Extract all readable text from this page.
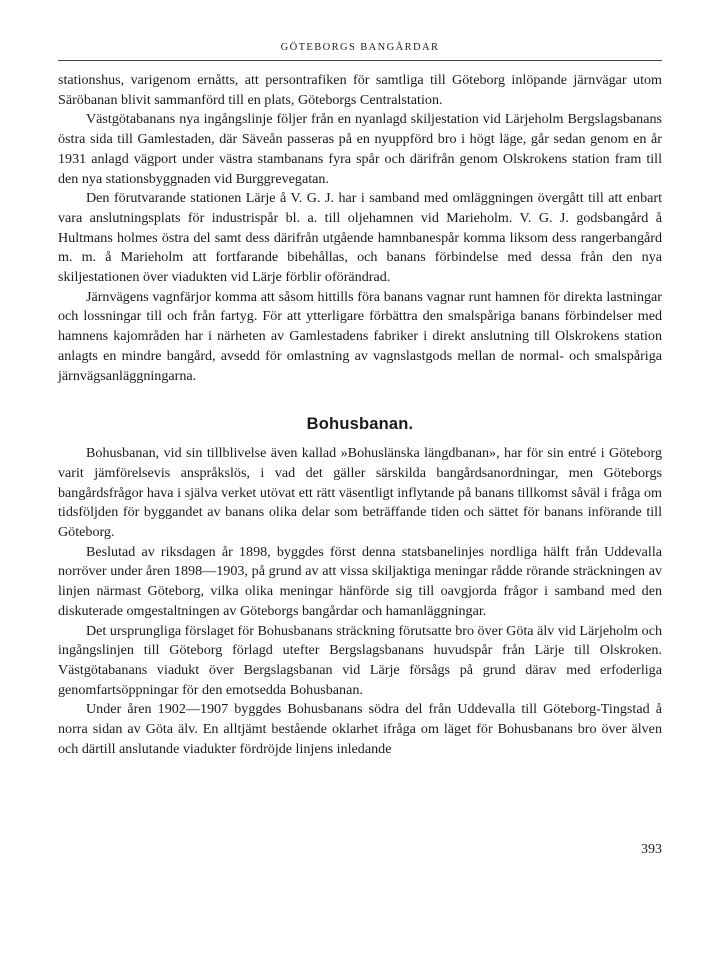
GÖTEBORGS BANGÅRDAR

stationshus, varigenom ernåtts, att persontrafiken för samtliga till Göteborg inlöpande järnvägar utom Säröbanan blivit sammanförd till en plats, Göteborgs Centralstation.

Västgötabanans nya ingångslinje följer från en nyanlagd skiljestation vid Lärjeholm Bergslagsbanans östra sida till Gamlestaden, där Säveån passeras på en nyuppförd bro i högt läge, går sedan genom en år 1931 anlagd vägport under västra stambanans fyra spår och därifrån genom Olskrokens station fram till den nya stationsbyggnaden vid Burggrevegatan.

Den förutvarande stationen Lärje å V. G. J. har i samband med omläggningen övergått till att enbart vara anslutningsplats för industrispår bl. a. till oljehamnen vid Marieholm. V. G. J. godsbangård å Hultmans holmes östra del samt dess därifrån utgående hamnbanespår komma liksom dess rangerbangård m. m. å Marieholm att fortfarande bibehållas, och banans förbindelse med dessa från den nya skiljestationen över viadukten vid Lärje förblir oförändrad.

Järnvägens vagnfärjor komma att såsom hittills föra banans vagnar runt hamnen för direkta lastningar och lossningar till och från fartyg. För att ytterligare förbättra den smalspåriga banans förbindelser med hamnens kajområden har i närheten av Gamlestadens fabriker i direkt anslutning till Olskrokens station anlagts en mindre bangård, avsedd för omlastning av vagnslastgods mellan de normal- och smalspåriga järnvägsanläggningarna.

Bohusbanan.

Bohusbanan, vid sin tillblivelse även kallad »Bohuslänska längdbanan», har för sin entré i Göteborg varit jämförelsevis anspråkslös, i vad det gäller särskilda bangårdsanordningar, men Göteborgs bangårdsfrågor hava i själva verket utövat ett rätt väsentligt inflytande på banans tillkomst såväl i fråga om tidsföljden för byggandet av banans olika delar som beträffande tiden och sättet för banans införande till Göteborg.

Beslutad av riksdagen år 1898, byggdes först denna statsbanelinjes nordliga hälft från Uddevalla norröver under åren 1898—1903, på grund av att vissa skiljaktiga meningar rådde rörande sträckningen av linjen närmast Göteborg, vilka olika meningar hänförde sig till oavgjorda frågor i samband med den diskuterade omgestaltningen av Göteborgs bangårdar och hamanläggningar.

Det ursprungliga förslaget för Bohusbanans sträckning förutsatte bro över Göta älv vid Lärjeholm och ingångslinjen till Göteborg förlagd utefter Bergslagsbanans huvudspår från Lärje till Olskroken. Västgötabanans viadukt över Bergslagsbanan vid Lärje försågs på grund därav med erfoderliga genomfartsöppningar för den emotsedda Bohusbanan.

Under åren 1902—1907 byggdes Bohusbanans södra del från Uddevalla till Göteborg-Tingstad å norra sidan av Göta älv. En alltjämt bestående oklarhet ifråga om läget för Bohusbanans bro över älven och därtill anslutande viadukter fördröjde linjens inledande

393
